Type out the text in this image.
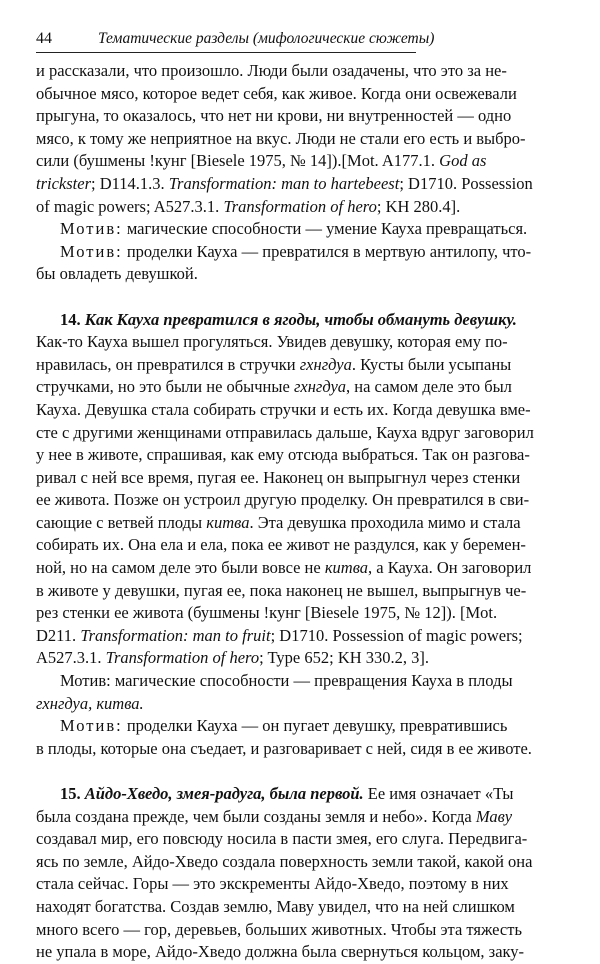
44	Тематические разделы (мифологические сюжеты)

и рассказали, что произошло. Люди были озадачены, что это за не-

обычное мясо, которое ведет себя, как живое. Когда они освежевали

прыгуна, то оказалось, что нет ни крови, ни внутренностей — одно

мясо, к тому же неприятное на вкус. Люди не стали его есть и выбро-

сили (бушмены !кунг [Biesele 1975, № 14]).[Mot. A177.1. God as

trickster; D114.1.3. Transformation: man to hartebeest; D1710. Possession

of magic powers; A527.3.1. Transformation of hero; KH 280.4].

Мотив: магические способности — умение Кауха превращаться.

Мотив: проделки Кауха — превратился в мертвую антилопу, что-

бы овладеть девушкой.

14. Как Кауха превратился в ягоды, чтобы обмануть девушку.

Как-то Кауха вышел прогуляться. Увидев девушку, которая ему по-

нравилась, он превратился в стручки гхнгдуа. Кусты были усыпаны

стручками, но это были не обычные гхнгдуа, на самом деле это был

Кауха. Девушка стала собирать стручки и есть их. Когда девушка вме-

сте с другими женщинами отправилась дальше, Кауха вдруг заговорил

у нее в животе, спрашивая, как ему отсюда выбраться. Так он разгова-

ривал с ней все время, пугая ее. Наконец он выпрыгнул через стенки

ее живота. Позже он устроил другую проделку. Он превратился в сви-

сающие с ветвей плоды китва. Эта девушка проходила мимо и стала

собирать их. Она ела и ела, пока ее живот не раздулся, как у беремен-

ной, но на самом деле это были вовсе не китва, а Кауха. Он заговорил

в животе у девушки, пугая ее, пока наконец не вышел, выпрыгнув че-

рез стенки ее живота (бушмены !кунг [Biesele 1975, № 12]). [Mot.

D211. Transformation: man to fruit; D1710. Possession of magic powers;

A527.3.1. Transformation of hero; Type 652; KH 330.2, 3].

Мотив: магические способности — превращения Кауха в плоды

гхнгдуа, китва.

Мотив: проделки Кауха — он пугает девушку, превратившись

в плоды, которые она съедает, и разговаривает с ней, сидя в ее животе.

15. Айдо-Хведо, змея-радуга, была первой. Ее имя означает «Ты

была создана прежде, чем были созданы земля и небо». Когда Маву

создавал мир, его повсюду носила в пасти змея, его слуга. Передвига-

ясь по земле, Айдо-Хведо создала поверхность земли такой, какой она

стала сейчас. Горы — это экскременты Айдо-Хведо, поэтому в них

находят богатства. Создав землю, Маву увидел, что на ней слишком

много всего — гор, деревьев, больших животных. Чтобы эта тяжесть

не упала в море, Айдо-Хведо должна была свернуться кольцом, заку-
